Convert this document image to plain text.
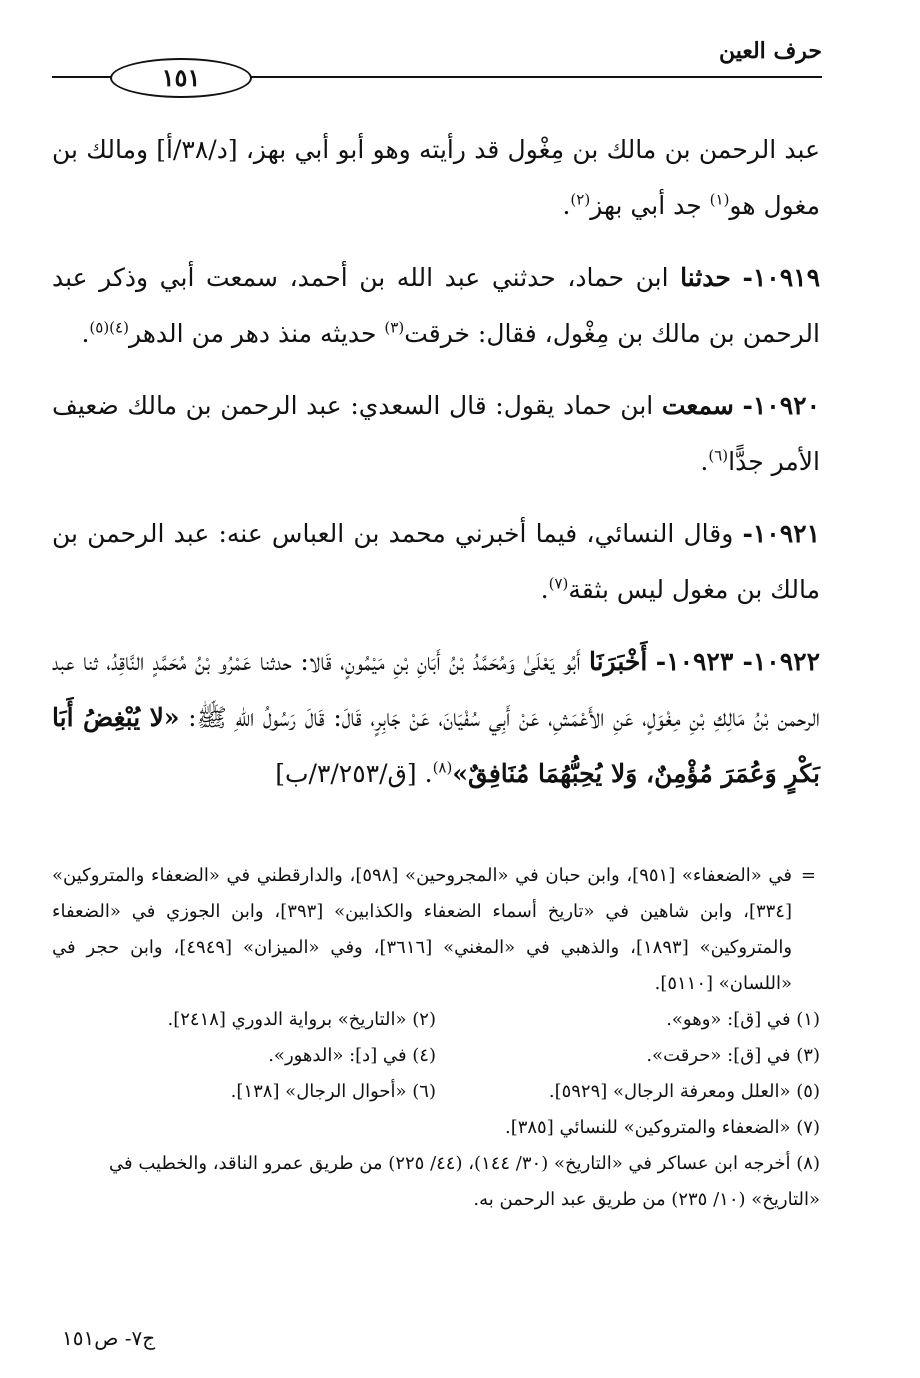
حرف العين
١٥١

عبد الرحمن بن مالك بن مِغْول قد رأيته وهو أبو أبي بهز، [د/٣٨/أ] ومالك بن مغول هو$^{(١)}$ جد أبي بهز$^{(٢)}$.

١٠٩١٩- حدثنا ابن حماد، حدثني عبد الله بن أحمد، سمعت أبي وذكر عبد الرحمن بن مالك بن مِغْول، فقال: خرقت$^{(٣)}$ حديثه منذ دهر من الدهر$^{(٤)(٥)}$.

١٠٩٢٠- سمعت ابن حماد يقول: قال السعدي: عبد الرحمن بن مالك ضعيف الأمر جدًّا$^{(٦)}$.

١٠٩٢١- وقال النسائي، فيما أخبرني محمد بن العباس عنه: عبد الرحمن بن مالك بن مغول ليس بثقة$^{(٧)}$.

١٠٩٢٢- ١٠٩٢٣- أَخْبَرَنَا أَبُو يَعْلَىٰ وَمُحَمَّدُ بْنُ أَبَانِ بْنِ مَيْمُونٍ، قَالا: حدثنا عَمْرُو بْنُ مُحَمَّدٍ النَّاقِدُ، ثنا عبد الرحمن بْنُ مَالِكِ بْنِ مِغْوَلٍ، عَنِ الأَعْمَشِ، عَنْ أَبِي سُفْيَانَ، عَنْ جَابِرٍ، قَالَ: قَالَ رَسُولُ اللهِ ﷺ: «لا يُبْغِضُ أَبَا بَكْرٍ وَعُمَرَ مُؤْمِنٌ، وَلا يُحِبُّهُمَا مُنَافِقٌ»$^{(٨)}$. [ق/٣/٢٥٣/ب]

=
في «الضعفاء» [٩٥١]، وابن حبان في «المجروحين» [٥٩٨]، والدارقطني في «الضعفاء والمتروكين» [٣٣٤]، وابن شاهين في «تاريخ أسماء الضعفاء والكذابين» [٣٩٣]، وابن الجوزي في «الضعفاء والمتروكين» [١٨٩٣]، والذهبي في «المغني» [٣٦١٦]، وفي «الميزان» [٤٩٤٩]، وابن حجر في «اللسان» [٥١١٠].
(١) في [ق]: «وهو».
(٢) «التاريخ» برواية الدوري [٢٤١٨].
(٣) في [ق]: «حرقت».
(٤) في [د]: «الدهور».
(٥) «العلل ومعرفة الرجال» [٥٩٢٩].
(٦) «أحوال الرجال» [١٣٨].
(٧) «الضعفاء والمتروكين» للنسائي [٣٨٥].
(٨) أخرجه ابن عساكر في «التاريخ» (٣٠/ ١٤٤)، (٤٤/ ٢٢٥) من طريق عمرو الناقد، والخطيب في «التاريخ» (١٠/ ٢٣٥) من طريق عبد الرحمن به.
ج٧- ص١٥١
